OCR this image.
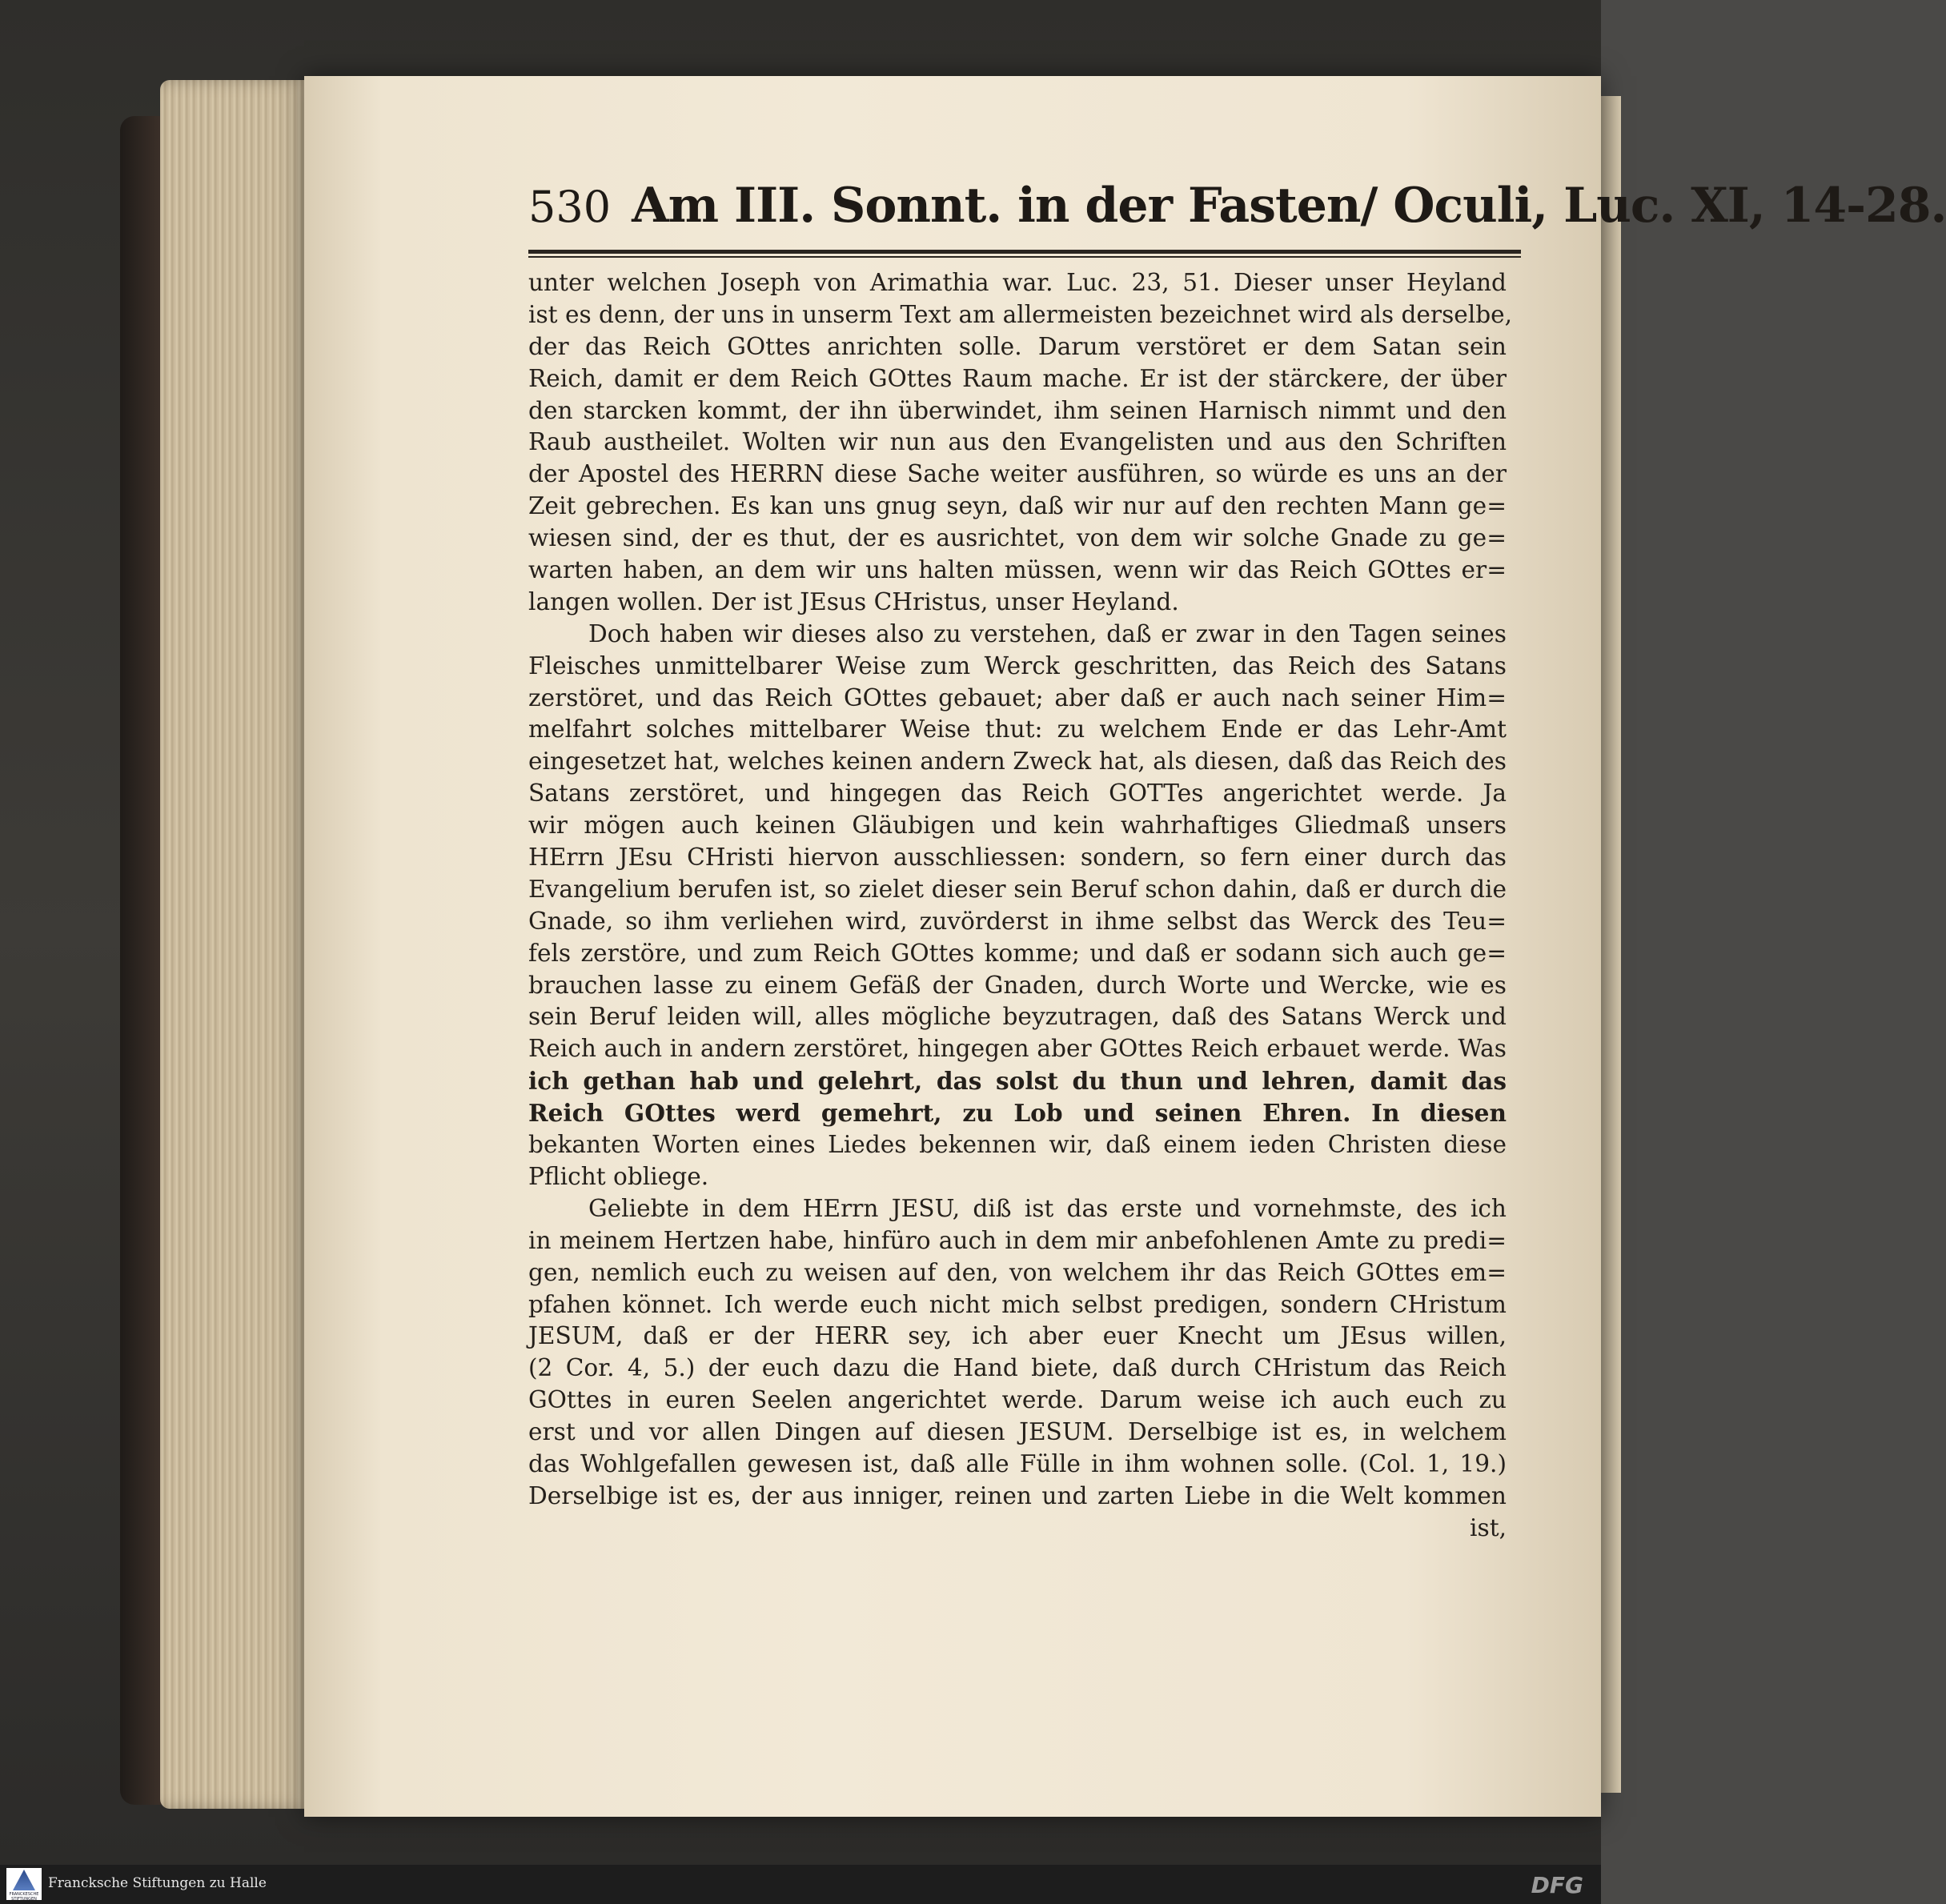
530 Am III. Sonnt. in der Fasten/ Oculi, Luc. XI, 14-28.

unter welchen Joseph von Arimathia war. Luc. 23, 51. Dieser unser Heyland
ist es denn, der uns in unserm Text am allermeisten bezeichnet wird als derselbe,
der das Reich GOttes anrichten solle. Darum verstöret er dem Satan sein
Reich, damit er dem Reich GOttes Raum mache. Er ist der stärckere, der über
den starcken kommt, der ihn überwindet, ihm seinen Harnisch nimmt und den
Raub austheilet. Wolten wir nun aus den Evangelisten und aus den Schriften
der Apostel des HERRN diese Sache weiter ausführen, so würde es uns an der
Zeit gebrechen. Es kan uns gnug seyn, daß wir nur auf den rechten Mann ge=
wiesen sind, der es thut, der es ausrichtet, von dem wir solche Gnade zu ge=
warten haben, an dem wir uns halten müssen, wenn wir das Reich GOttes er=
langen wollen. Der ist JEsus CHristus, unser Heyland.

Doch haben wir dieses also zu verstehen, daß er zwar in den Tagen seines
Fleisches unmittelbarer Weise zum Werck geschritten, das Reich des Satans
zerstöret, und das Reich GOttes gebauet; aber daß er auch nach seiner Him=
melfahrt solches mittelbarer Weise thut: zu welchem Ende er das Lehr-Amt
eingesetzet hat, welches keinen andern Zweck hat, als diesen, daß das Reich des
Satans zerstöret, und hingegen das Reich GOTTes angerichtet werde. Ja
wir mögen auch keinen Gläubigen und kein wahrhaftiges Gliedmaß unsers
HErrn JEsu CHristi hiervon ausschliessen: sondern, so fern einer durch das
Evangelium berufen ist, so zielet dieser sein Beruf schon dahin, daß er durch die
Gnade, so ihm verliehen wird, zuvörderst in ihme selbst das Werck des Teu=
fels zerstöre, und zum Reich GOttes komme; und daß er sodann sich auch ge=
brauchen lasse zu einem Gefäß der Gnaden, durch Worte und Wercke, wie es
sein Beruf leiden will, alles mögliche beyzutragen, daß des Satans Werck und
Reich auch in andern zerstöret, hingegen aber GOttes Reich erbauet werde. Was
ich gethan hab und gelehrt, das solst du thun und lehren, damit das
Reich GOttes werd gemehrt, zu Lob und seinen Ehren. In diesen
bekanten Worten eines Liedes bekennen wir, daß einem ieden Christen diese
Pflicht obliege.

Geliebte in dem HErrn JESU, diß ist das erste und vornehmste, des ich
in meinem Hertzen habe, hinfüro auch in dem mir anbefohlenen Amte zu predi=
gen, nemlich euch zu weisen auf den, von welchem ihr das Reich GOttes em=
pfahen könnet. Ich werde euch nicht mich selbst predigen, sondern CHristum
JESUM, daß er der HERR sey, ich aber euer Knecht um JEsus willen,
(2 Cor. 4, 5.) der euch dazu die Hand biete, daß durch CHristum das Reich
GOttes in euren Seelen angerichtet werde. Darum weise ich auch euch zu
erst und vor allen Dingen auf diesen JESUM. Derselbige ist es, in welchem
das Wohlgefallen gewesen ist, daß alle Fülle in ihm wohnen solle. (Col. 1, 19.)
Derselbige ist es, der aus inniger, reinen und zarten Liebe in die Welt kommen

ist,
FRANCKESCHE STIFTUNGEN
Francksche Stiftungen zu Halle	DFG
